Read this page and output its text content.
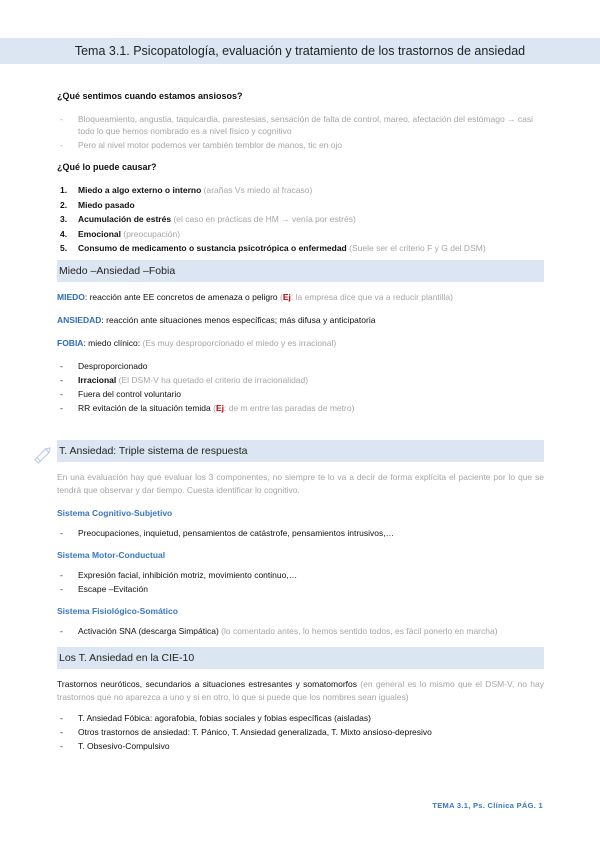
Tema 3.1. Psicopatología, evaluación y tratamiento de los trastornos de ansiedad
¿Qué sentimos cuando estamos ansiosos?
- Bloqueamiento, angustia, taquicardia, parestesias, sensación de falta de control, mareo, afectación del estómago → casi todo lo que hemos nombrado es a nivel físico y cognitivo
- Pero al nivel motor podemos ver también temblor de manos, tic en ojo
¿Qué lo puede causar?
1. Miedo a algo externo o interno (arañas Vs miedo al fracaso)
2. Miedo pasado
3. Acumulación de estrés (el caso en prácticas de HM → venía por estrés)
4. Emocional (preocupación)
5. Consumo de medicamento o sustancia psicotrópica o enfermedad (Suele ser el criterio F y G del DSM)
Miedo –Ansiedad –Fobia
MIEDO: reacción ante EE concretos de amenaza o peligro (Ej: la empresa dice que va a reducir plantilla)
ANSIEDAD: reacción ante situaciones menos específicas; más difusa y anticipatoria
FOBIA: miedo clínico: (Es muy desproporcionado el miedo y es irracional)
- Desproporcionado
- Irracional (El DSM-V ha quetado el criterio de irracionalidad)
- Fuera del control voluntario
- RR evitación de la situación temida (Ej: de m entre las paradas de metro)
T. Ansiedad: Triple sistema de respuesta
En una evaluación hay que evaluar los 3 componentes, no siempre te lo va a decir de forma explícita el paciente por lo que se tendrá que observar y dar tiempo. Cuesta identificar lo cognitivo.
Sistema Cognitivo-Subjetivo
- Preocupaciones, inquietud, pensamientos de catástrofe, pensamientos intrusivos,…
Sistema Motor-Conductual
- Expresión facial, inhibición motriz, movimiento continuo,…
- Escape –Evitación
Sistema Fisiológico-Somático
- Activación SNA (descarga Simpática) (lo comentado antes, lo hemos sentido todos, es fácil ponerlo en marcha)
Los T. Ansiedad en la CIE-10
Trastornos neuróticos, secundarios a situaciones estresantes y somatomorfos (en general es lo mismo que el DSM-V, no hay trastornos que no aparezca a uno y si en otro, lo que si puede que los nombres sean iguales)
- T. Ansiedad Fóbica: agorafobia, fobias sociales y fobias específicas (aisladas)
- Otros trastornos de ansiedad: T. Pánico, T. Ansiedad generalizada, T. Mixto ansioso-depresivo
- T. Obsesivo-Compulsivo
TEMA 3.1, Ps. Clínica PÁG. 1
